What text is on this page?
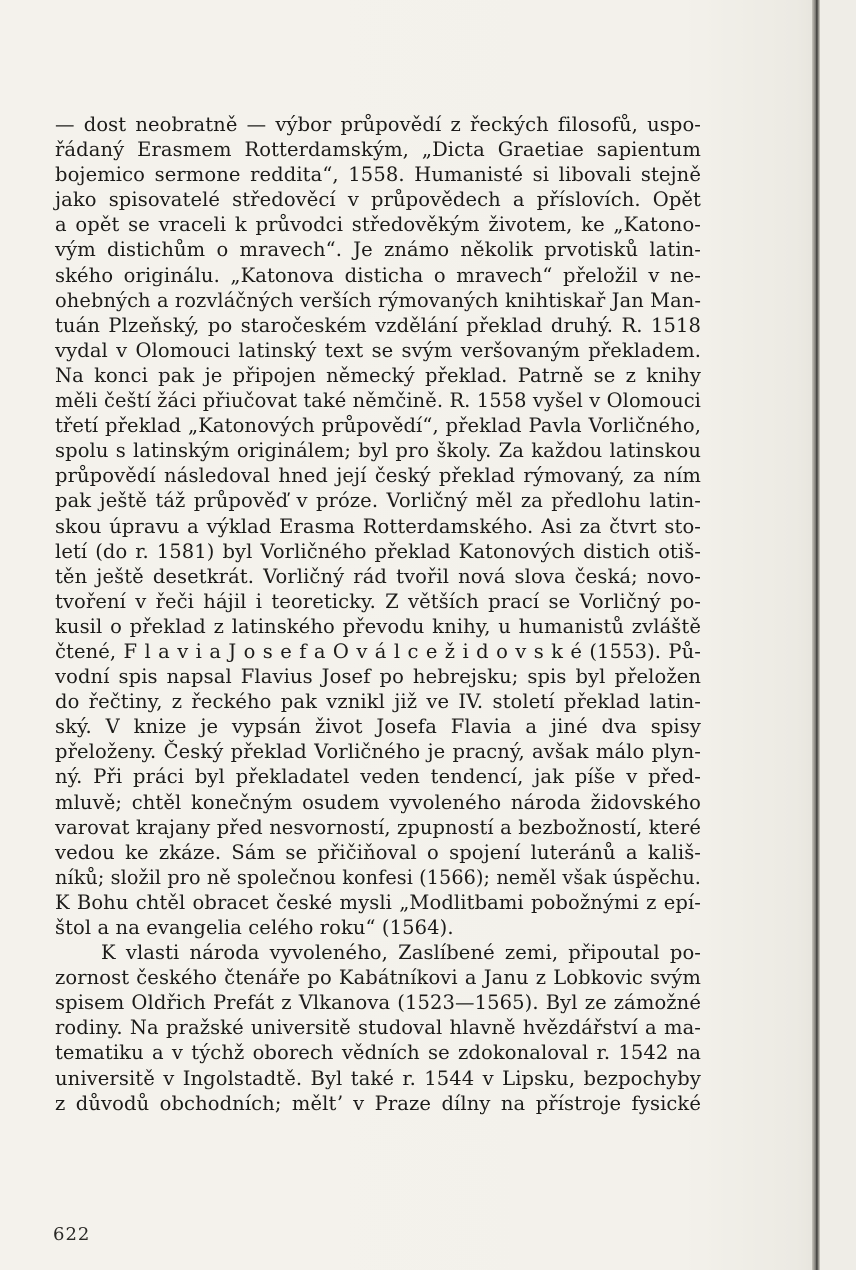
— dost neobratně — výbor průpovědí z řeckých filosofů, uspo-
řádaný Erasmem Rotterdamským, „Dicta Graetiae sapientum
bojemico sermone reddita“, 1558. Humanisté si libovali stejně
jako spisovatelé středověcí v průpovědech a příslovích. Opět
a opět se vraceli k průvodci středověkým životem, ke „Katono-
vým distichům o mravech“. Je známo několik prvotisků latin-
ského originálu. „Katonova disticha o mravech“ přeložil v ne-
ohebných a rozvláčných verších rýmovaných knihtiskař Jan Man-
tuán Plzeňský, po staročeském vzdělání překlad druhý. R. 1518
vydal v Olomouci latinský text se svým veršovaným překladem.
Na konci pak je připojen německý překlad. Patrně se z knihy
měli čeští žáci přiučovat také němčině. R. 1558 vyšel v Olomouci
třetí překlad „Katonových průpovědí“, překlad Pavla Vorličného,
spolu s latinským originálem; byl pro školy. Za každou latinskou
průpovědí následoval hned její český překlad rýmovaný, za ním
pak ještě táž průpověď v próze. Vorličný měl za předlohu latin-
skou úpravu a výklad Erasma Rotterdamského. Asi za čtvrt sto-
letí (do r. 1581) byl Vorličného překlad Katonových distich otiš-
těn ještě desetkrát. Vorličný rád tvořil nová slova česká; novo-
tvoření v řeči hájil i teoreticky. Z větších prací se Vorličný po-
kusil o překlad z latinského převodu knihy, u humanistů zvláště
čtené, F l a v i a J o s e f a O v á l c e ž i d o v s k é (1553). Pů-
vodní spis napsal Flavius Josef po hebrejsku; spis byl přeložen
do řečtiny, z řeckého pak vznikl již ve IV. století překlad latin-
ský. V knize je vypsán život Josefa Flavia a jiné dva spisy
přeloženy. Český překlad Vorličného je pracný, avšak málo plyn-
ný. Při práci byl překladatel veden tendencí, jak píše v před-
mluvě; chtěl konečným osudem vyvoleného národa židovského
varovat krajany před nesvorností, zpupností a bezbožností, které
vedou ke zkáze. Sám se přičiňoval o spojení luteránů a kališ-
níků; složil pro ně společnou konfesi (1566); neměl však úspěchu.
K Bohu chtěl obracet české mysli „Modlitbami pobožnými z epí-
štol a na evangelia celého roku“ (1564).
K vlasti národa vyvoleného, Zaslíbené zemi, připoutal po-
zornost českého čtenáře po Kabátníkovi a Janu z Lobkovic svým
spisem Oldřich Prefát z Vlkanova (1523—1565). Byl ze zámožné
rodiny. Na pražské universitě studoval hlavně hvězdářství a ma-
tematiku a v týchž oborech vědních se zdokonaloval r. 1542 na
universitě v Ingolstadtě. Byl také r. 1544 v Lipsku, bezpochyby
z důvodů obchodních; měltʼ v Praze dílny na přístroje fysické
622
